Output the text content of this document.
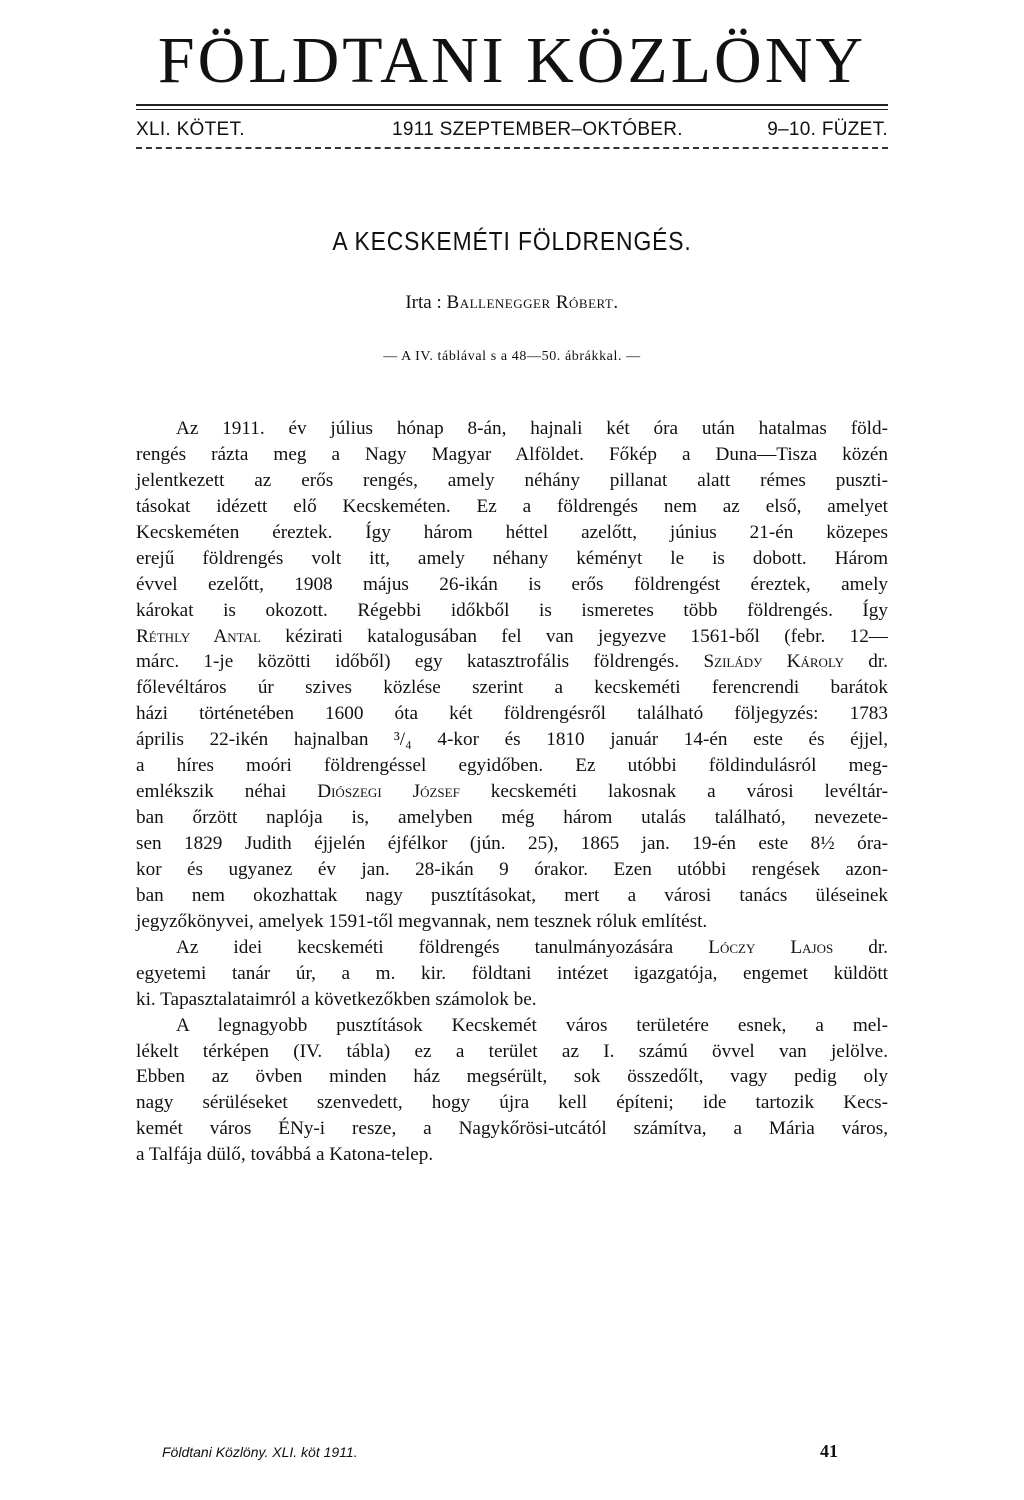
FÖLDTANI KÖZLÖNY
XLI. KÖTET.	1911 SZEPTEMBER–OKTÓBER.	9–10. FÜZET.
A KECSKEMÉTI FÖLDRENGÉS.
Irta : Ballenegger Róbert.
— A IV. táblával s a 48—50. ábrákkal. —
Az 1911. év július hónap 8-án, hajnali két óra után hatalmas föld-
rengés rázta meg a Nagy Magyar Alföldet. Főkép a Duna—Tisza közén
jelentkezett az erős rengés, amely néhány pillanat alatt rémes puszti-
tásokat idézett elő Kecskeméten. Ez a földrengés nem az első, amelyet
Kecskeméten éreztek. Így három héttel azelőtt, június 21-én közepes
erejű földrengés volt itt, amely néhany kéményt le is dobott. Három
évvel ezelőtt, 1908 május 26-ikán is erős földrengést éreztek, amely
károkat is okozott. Régebbi időkből is ismeretes több földrengés. Így
Réthly Antal kézirati katalogusában fel van jegyezve 1561-ből (febr. 12—
márc. 1-je közötti időből) egy katasztrofális földrengés. Sziládу Károly dr.
főlevéltáros úr szives közlése szerint a kecskeméti ferencrendi barátok
házi történetében 1600 óta két földrengésről található följegyzés: 1783
április 22-ikén hajnalban ³/₄ 4-kor és 1810 január 14-én este és éjjel,
a híres moóri földrengéssel egyidőben. Ez utóbbi földindulásról meg-
emlékszik néhai Diószegi József kecskeméti lakosnak a városi levéltár-
ban őrzött naplója is, amelyben még három utalás található, nevezete-
sen 1829 Judith éjjelén éjfélkor (jún. 25), 1865 jan. 19-én este 8½ óra-
kor és ugyanez év jan. 28-ikán 9 órakor. Ezen utóbbi rengések azon-
ban nem okozhattak nagy pusztításokat, mert a városi tanács üléseinek
jegyzőkönyvei, amelyek 1591-től megvannak, nem tesznek róluk említést.
Az idei kecskeméti földrengés tanulmányozására Lóczy Lajos dr.
egyetemi tanár úr, a m. kir. földtani intézet igazgatója, engemet küldött
ki. Tapasztalataimról a következőkben számolok be.
A legnagyobb pusztítások Kecskemét város területére esnek, a mel-
lékelt térképen (IV. tábla) ez a terület az I. számú övvel van jelölve.
Ebben az övben minden ház megsérült, sok összedőlt, vagy pedig oly
nagy sérüléseket szenvedett, hogy újra kell építeni; ide tartozik Kecs-
kemét város ÉNy-i resze, a Nagykőrösi-utcától számítva, a Mária város,
a Talfája dülő, továbbá a Katona-telep.
Földtani Közlöny. XLI. köt 1911.	41
